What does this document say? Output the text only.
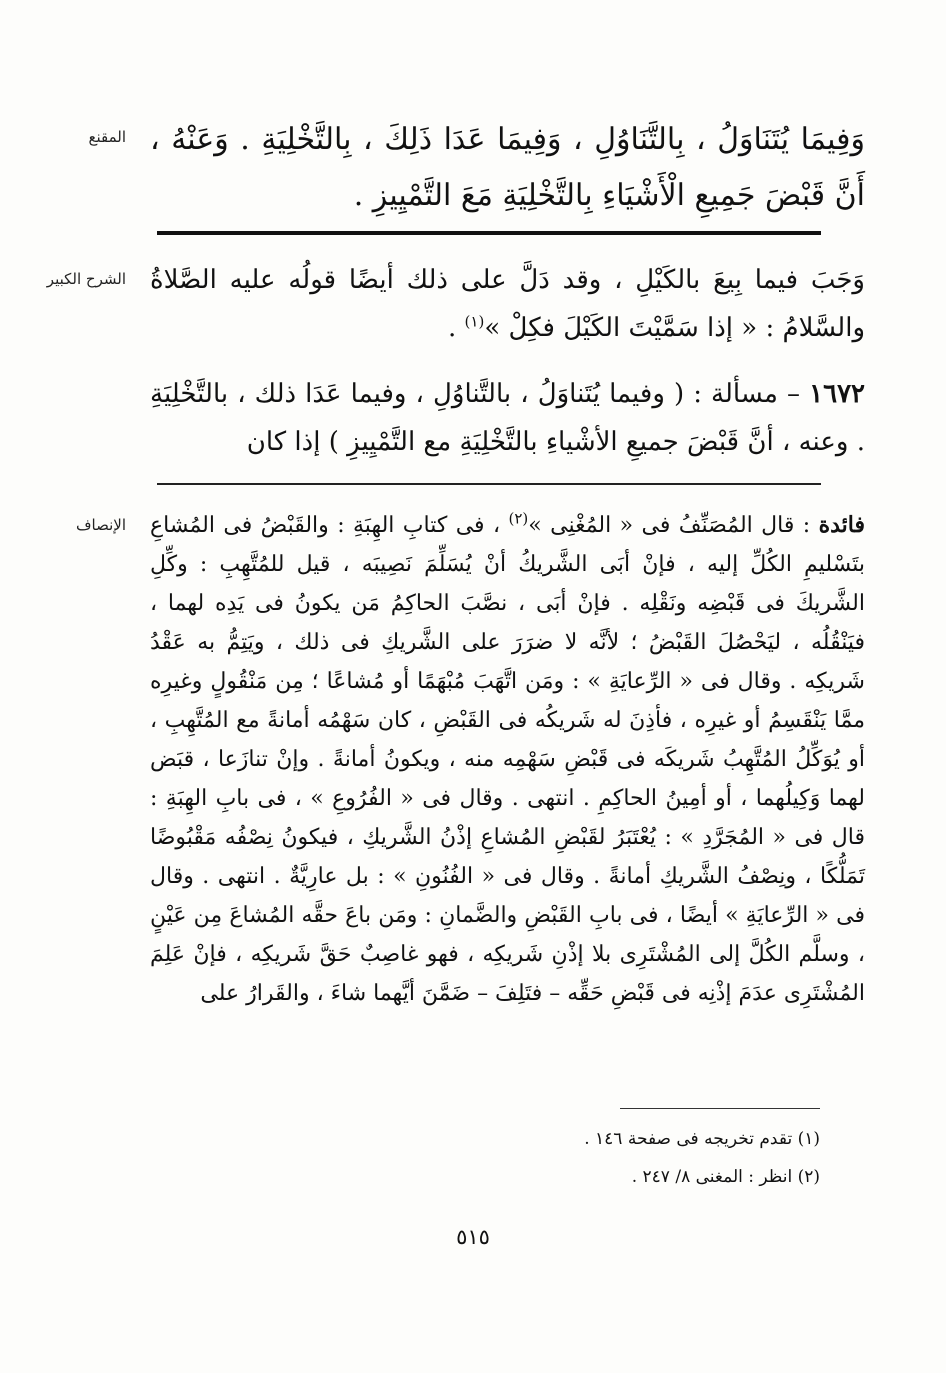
المقنع وَفِيمَا يُتَنَاوَلُ ، بِالتَّنَاوُلِ ، وَفِيمَا عَدَا ذَلِكَ ، بِالتَّخْلِيَةِ . وَعَنْهُ ، أَنَّ قَبْضَ جَمِيعِ الْأَشْيَاءِ بِالتَّخْلِيَةِ مَعَ التَّمْيِيزِ .

الشرح الكبير وَجَبَ فيما بِيعَ بالكَيْلِ ، وقد دَلَّ على ذلك أيضًا قولُه عليه الصَّلاةُ والسَّلامُ : « إذا سَمَّيْتَ الكَيْلَ فكِلْ »$^{(١)}$ .

١٦٧٢ – مسألة : ( وفيما يُتَناوَلُ ، بالتَّناوُلِ ، وفيما عَدَا ذلك ، بالتَّخْلِيَةِ . وعنه ، أنَّ قَبْضَ جميعِ الأشْياءِ بالتَّخْلِيَةِ مع التَّمْيِيزِ ) إذا كان

الإنصاف	فائدة : قال المُصَنِّفُ فى « المُغْنِى »$^{(٢)}$ ، فى كتابِ الهِبَةِ : والقَبْضُ فى المُشاعِ بتَسْليمِ الكُلِّ إليه ، فإنْ أبَى الشَّريكُ أنْ يُسَلِّمَ نَصِيبَه ، قيل للمُتَّهِبِ : وكِّلِ الشَّريكَ فى قَبْضِه ونَقْلِه . فإنْ أبَى ، نصَّبَ الحاكِمُ مَن يكونُ فى يَدِه لهما ، فيَنْقُلُه ، ليَحْصُلَ القَبْضُ ؛ لأنَّه لا ضرَرَ على الشَّريكِ فى ذلك ، ويَتِمُّ به عَقْدُ شَريكِه . وقال فى « الرِّعايَةِ » : ومَن اتَّهَبَ مُبْهَمًا أو مُشاعًا ؛ مِن مَنْقُولٍ وغيرِه ممَّا يَنْقَسِمُ أو غيرِه ، فأذِنَ له شَريكُه فى القَبْضِ ، كان سَهْمُه أمانةً مع المُتَّهِبِ ، أو يُوَكِّلُ المُتَّهِبُ شَريكَه فى قَبْضِ سَهْمِه منه ، ويكونُ أمانةً . وإنْ تنازَعا ، قبَض لهما وَكِيلُهما ، أو أمِينُ الحاكِمِ . انتهى . وقال فى « الفُرُوعِ » ، فى بابِ الهِبَةِ : قال فى « المُجَرَّدِ » : يُعْتَبَرُ لقَبْضِ المُشاعِ إذْنُ الشَّريكِ ، فيكونُ نِصْفُه مَقْبُوضًا تَمَلُّكًا ، ونِصْفُ الشَّريكِ أمانةً . وقال فى « الفُنُونِ » : بل عارِيَّةٌ . انتهى . وقال فى « الرِّعايَةِ » أيضًا ، فى بابِ القَبْضِ والضَّمانِ : ومَن باعَ حقَّه المُشاعَ مِن عَيْنٍ ، وسلَّم الكُلَّ إلى المُشْتَرِى بلا إذْنِ شَريكِه ، فهو غاصِبٌ حَقَّ شَريكِه ، فإنْ عَلِمَ المُشْتَرِى عدَمَ إذْنِه فى قَبْضِ حَقِّه – فتَلِفَ – ضَمَّنَ أيَّهما شاءَ ، والقَرارُ على

(١) تقدم تخريجه فى صفحة ١٤٦ .

(٢) انظر : المغنى ٨/ ٢٤٧ .

٥١٥
